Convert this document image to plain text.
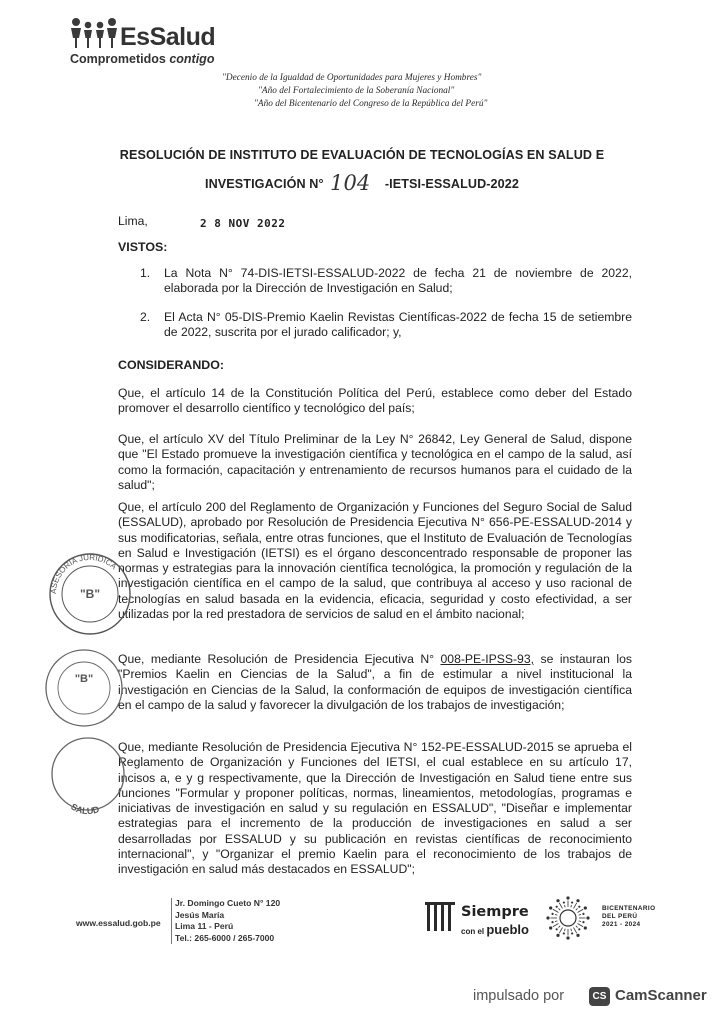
EsSalud
Comprometidos contigo
"Decenio de la Igualdad de Oportunidades para Mujeres y Hombres"
"Año del Fortalecimiento de la Soberanía Nacional"
"Año del Bicentenario del Congreso de la República del Perú"
RESOLUCIÓN DE INSTITUTO DE EVALUACIÓN DE TECNOLOGÍAS EN SALUD E
INVESTIGACIÓN N° 104 -IETSI-ESSALUD-2022
Lima,	2 8 NOV 2022
VISTOS:
1. La Nota N° 74-DIS-IETSI-ESSALUD-2022 de fecha 21 de noviembre de 2022, elaborada por la Dirección de Investigación en Salud;
2. El Acta N° 05-DIS-Premio Kaelin Revistas Científicas-2022 de fecha 15 de setiembre de 2022, suscrita por el jurado calificador; y,
CONSIDERANDO:
Que, el artículo 14 de la Constitución Política del Perú, establece como deber del Estado promover el desarrollo científico y tecnológico del país;
Que, el artículo XV del Título Preliminar de la Ley N° 26842, Ley General de Salud, dispone que "El Estado promueve la investigación científica y tecnológica en el campo de la salud, así como la formación, capacitación y entrenamiento de recursos humanos para el cuidado de la salud";
Que, el artículo 200 del Reglamento de Organización y Funciones del Seguro Social de Salud (ESSALUD), aprobado por Resolución de Presidencia Ejecutiva N° 656-PE-ESSALUD-2014 y sus modificatorias, señala, entre otras funciones, que el Instituto de Evaluación de Tecnologías en Salud e Investigación (IETSI) es el órgano desconcentrado responsable de proponer las normas y estrategias para la innovación científica tecnológica, la promoción y regulación de la investigación científica en el campo de la salud, que contribuya al acceso y uso racional de tecnologías en salud basada en la evidencia, eficacia, seguridad y costo efectividad, a ser utilizadas por la red prestadora de servicios de salud en el ámbito nacional;
Que, mediante Resolución de Presidencia Ejecutiva N° 008-PE-IPSS-93, se instauran los "Premios Kaelin en Ciencias de la Salud", a fin de estimular a nivel institucional la investigación en Ciencias de la Salud, la conformación de equipos de investigación científica en el campo de la salud y favorecer la divulgación de los trabajos de investigación;
Que, mediante Resolución de Presidencia Ejecutiva N° 152-PE-ESSALUD-2015 se aprueba el Reglamento de Organización y Funciones del IETSI, el cual establece en su artículo 17, incisos a, e y g respectivamente, que la Dirección de Investigación en Salud tiene entre sus funciones "Formular y proponer políticas, normas, lineamientos, metodologías, programas e iniciativas de investigación en salud y su regulación en ESSALUD", "Diseñar e implementar estrategias para el incremento de la producción de investigaciones en salud a ser desarrolladas por ESSALUD y su publicación en revistas científicas de reconocimiento internacional", y "Organizar el premio Kaelin para el reconocimiento de los trabajos de investigación en salud más destacados en ESSALUD";
ASESORÍA JURÍDICA
"B"
"B"
SALUD
www.essalud.gob.pe
Jr. Domingo Cueto N° 120
Jesús María
Lima 11 - Perú
Tel.: 265-6000 / 265-7000
Siempre
con el pueblo
BICENTENARIO
DEL PERÚ
2021 - 2024
impulsado por	CS CamScanner
